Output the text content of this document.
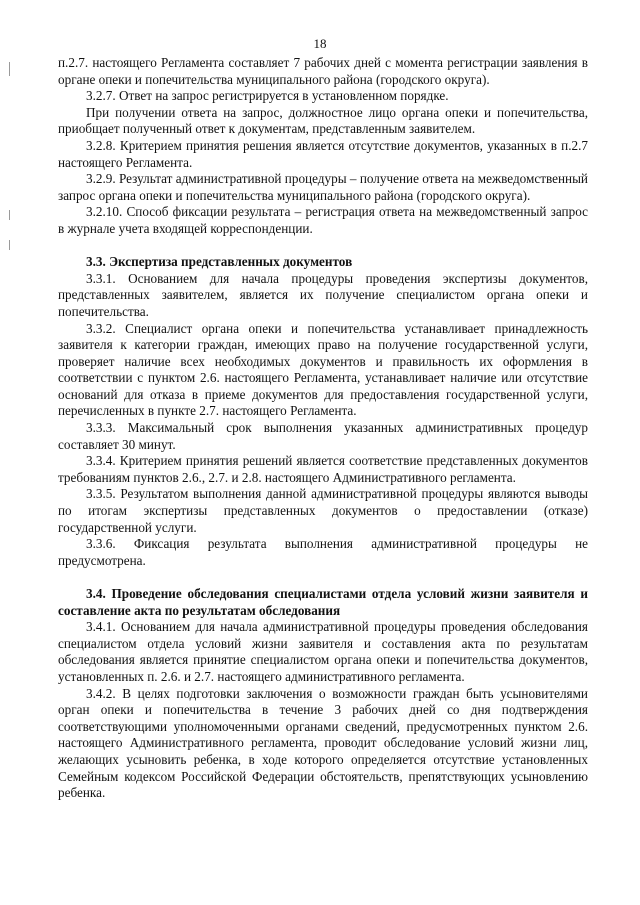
18

п.2.7. настоящего Регламента составляет 7 рабочих дней с момента регистрации заявления в органе опеки и попечительства муниципального района (городского округа).

3.2.7. Ответ на запрос регистрируется в установленном порядке.

При получении ответа на запрос, должностное лицо органа опеки и попечительства, приобщает полученный ответ к документам, представленным заявителем.

3.2.8. Критерием принятия решения является отсутствие документов, указанных в п.2.7 настоящего Регламента.

3.2.9. Результат административной процедуры – получение ответа на межведомственный запрос органа опеки и попечительства муниципального района (городского округа).

3.2.10. Способ фиксации результата – регистрация ответа на межведомственный запрос в журнале учета входящей корреспонденции.

3.3. Экспертиза представленных документов

3.3.1. Основанием для начала процедуры проведения экспертизы документов, представленных заявителем, является их получение специалистом органа опеки и попечительства.

3.3.2. Специалист органа опеки и попечительства устанавливает принадлежность заявителя к категории граждан, имеющих право на получение государственной услуги, проверяет наличие всех необходимых документов и правильность их оформления в соответствии с пунктом 2.6. настоящего Регламента, устанавливает наличие или отсутствие оснований для отказа в приеме документов для предоставления государственной услуги, перечисленных в пункте 2.7. настоящего Регламента.

3.3.3. Максимальный срок выполнения указанных административных процедур составляет 30 минут.

3.3.4. Критерием принятия решений является соответствие представленных документов требованиям пунктов 2.6., 2.7. и 2.8. настоящего Административного регламента.

3.3.5. Результатом выполнения данной административной процедуры являются выводы по итогам экспертизы представленных документов о предоставлении (отказе) государственной услуги.

3.3.6. Фиксация результата выполнения административной процедуры не предусмотрена.

3.4. Проведение обследования специалистами отдела условий жизни заявителя и составление акта по результатам обследования

3.4.1. Основанием для начала административной процедуры проведения обследования специалистом отдела условий жизни заявителя и составления акта по результатам обследования является принятие специалистом органа опеки и попечительства документов, установленных п. 2.6. и 2.7. настоящего административного регламента.

3.4.2. В целях подготовки заключения о возможности граждан быть усыновителями орган опеки и попечительства в течение 3 рабочих дней со дня подтверждения соответствующими уполномоченными органами сведений, предусмотренных пунктом 2.6. настоящего Административного регламента, проводит обследование условий жизни лиц, желающих усыновить ребенка, в ходе которого определяется отсутствие установленных Семейным кодексом Российской Федерации обстоятельств, препятствующих усыновлению ребенка.
